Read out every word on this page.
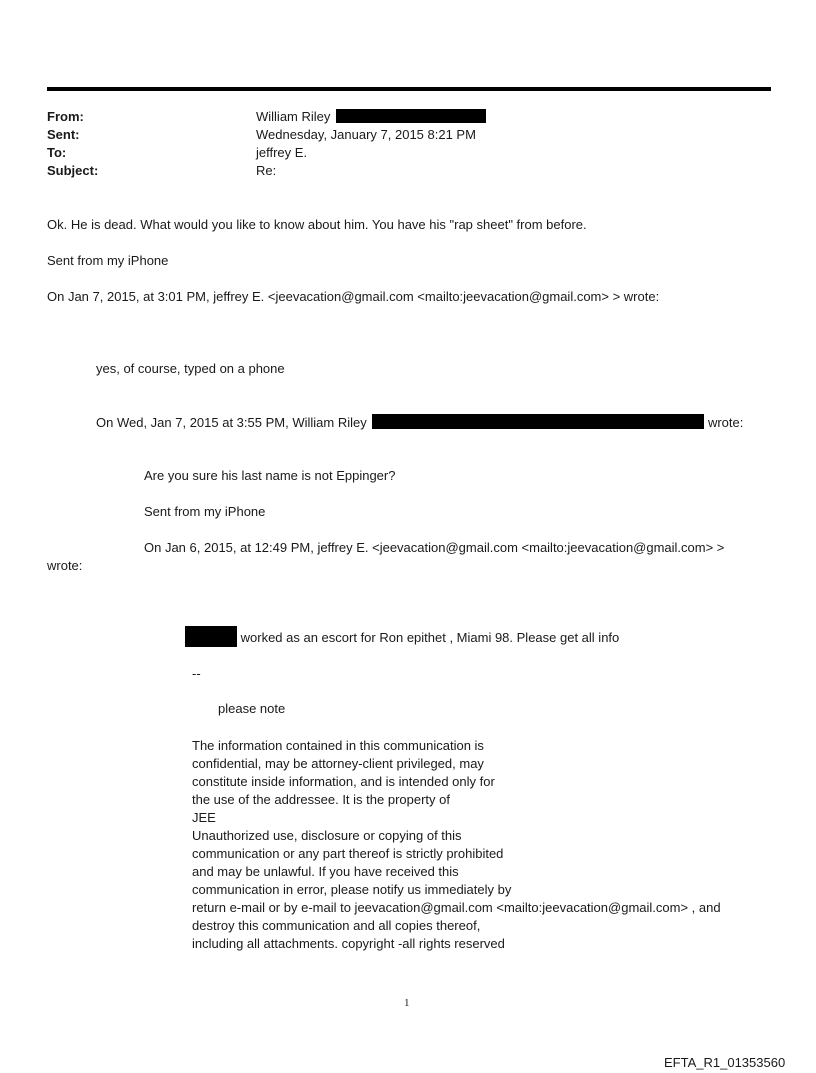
From:	William Riley
Sent:	Wednesday, January 7, 2015 8:21 PM
To:	jeffrey E.
Subject:	Re:
Ok. He is dead. What would you like to know about him. You have his "rap sheet" from before.
Sent from my iPhone
On Jan 7, 2015, at 3:01 PM, jeffrey E. <jeevacation@gmail.com <mailto:jeevacation@gmail.com> > wrote:
yes, of course, typed on a phone
On Wed, Jan 7, 2015 at 3:55 PM, William Riley	wrote:
Are you sure his last name is not Eppinger?
Sent from my iPhone
On Jan 6, 2015, at 12:49 PM, jeffrey E. <jeevacation@gmail.com <mailto:jeevacation@gmail.com> >
wrote:
worked as an escort for Ron epithet , Miami 98. Please get all info
--
please note
The information contained in this communication is
confidential, may be attorney-client privileged, may
constitute inside information, and is intended only for
the use of the addressee. It is the property of
JEE
Unauthorized use, disclosure or copying of this
communication or any part thereof is strictly prohibited
and may be unlawful. If you have received this
communication in error, please notify us immediately by
return e-mail or by e-mail to jeevacation@gmail.com <mailto:jeevacation@gmail.com> , and
destroy this communication and all copies thereof,
including all attachments. copyright -all rights reserved
1
EFTA_R1_01353560
